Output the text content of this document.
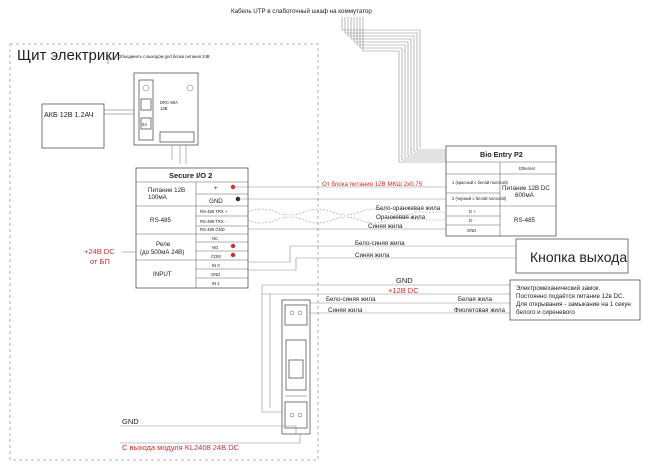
Кабель UTP в слаботочный шкаф на коммутатор
Щит электрики
Объединить с выходом gnd блока питания 24В
DRC-60A
12В
5A
АКБ 12В 1.2АЧ
Secure I/O 2
Питание 12В
100мА
+
GND
RS-485
RS-485 TRX +
RS-485 TRX -
RS-485 GND
Реле
(до 500мА 24В)
NC
NO
COM
INPUT
IN 0
GND
IN 1
От блока питания 12В МКШ 2х0.75
Бело-оранжевая жила
Оранжевая жила
Синяя жила
Bio Entry P2
Ethernet
1 (красный с белой полосой)
2 (черный с белой полосой)
Питание 12В DC
600мА
D +
D -
GND
RS-485
Бело-синяя жила
Синяя жила	Кнопка выхода
+24В DC
от БП
GND
+12В DC
Бело-синяя жила
Синяя жила
Белая жила
Фиолетовая жила
Электромеханический замок.
Постоянно подаётся питание 12в DC.
Для открывания - замыкание на 1 секун
белого и сиреневого
GND
С выхода модуля KL2408 24В DC
